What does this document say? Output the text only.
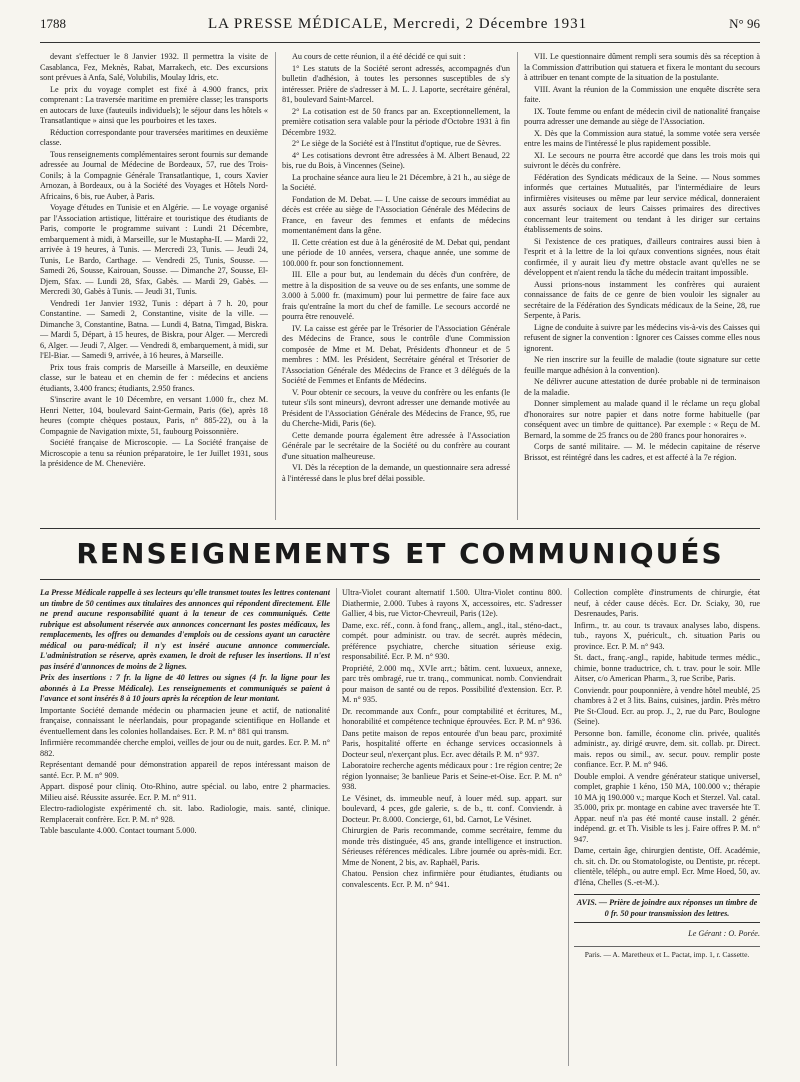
1788	LA PRESSE MÉDICALE, Mercredi, 2 Décembre 1931	N° 96

devant s'effectuer le 8 Janvier 1932. Il permettra la visite de Casablanca, Fez, Meknès, Rabat, Marrakech, etc. Des excursions sont prévues à Anfa, Salé, Volubilis, Moulay Idris, etc.

Le prix du voyage complet est fixé à 4.900 francs, prix comprenant : La traversée maritime en première classe; les transports en autocars de luxe (fauteuils individuels); le séjour dans les hôtels « Transatlantique » ainsi que les pourboires et les taxes.

Réduction correspondante pour traversées maritimes en deuxième classe.

Tous renseignements complémentaires seront fournis sur demande adressée au Journal de Médecine de Bordeaux, 57, rue des Trois-Conils; à la Compagnie Générale Transatlantique, 1, cours Xavier Arnozan, à Bordeaux, ou à la Société des Voyages et Hôtels Nord-Africains, 6 bis, rue Auber, à Paris.

Voyage d'études en Tunisie et en Algérie. — Le voyage organisé par l'Association artistique, littéraire et touristique des étudiants de Paris, comporte le programme suivant : Lundi 21 Décembre, embarquement à midi, à Marseille, sur le Mustapha-II. — Mardi 22, arrivée à 19 heures, à Tunis. — Mercredi 23, Tunis. — Jeudi 24, Tunis, Le Bardo, Carthage. — Vendredi 25, Tunis, Sousse. — Samedi 26, Sousse, Kairouan, Sousse. — Dimanche 27, Sousse, El-Djem, Sfax. — Lundi 28, Sfax, Gabès. — Mardi 29, Gabès. — Mercredi 30, Gabès à Tunis. — Jeudi 31, Tunis.

Vendredi 1er Janvier 1932, Tunis : départ à 7 h. 20, pour Constantine. — Samedi 2, Constantine, visite de la ville. — Dimanche 3, Constantine, Batna. — Lundi 4, Batna, Timgad, Biskra. — Mardi 5, Départ, à 15 heures, de Biskra, pour Alger. — Mercredi 6, Alger. — Jeudi 7, Alger. — Vendredi 8, embarquement, à midi, sur l'El-Biar. — Samedi 9, arrivée, à 16 heures, à Marseille.

Prix tous frais compris de Marseille à Marseille, en deuxième classe, sur le bateau et en chemin de fer : médecins et anciens étudiants, 3.400 francs; étudiants, 2.950 francs.

S'inscrire avant le 10 Décembre, en versant 1.000 fr., chez M. Henri Netter, 104, boulevard Saint-Germain, Paris (6e), après 18 heures (compte chèques postaux, Paris, n° 885-22), ou à la Compagnie de Navigation mixte, 51, faubourg Poissonnière.

Société française de Microscopie. — La Société française de Microscopie a tenu sa réunion préparatoire, le 1er Juillet 1931, sous la présidence de M. Chenevière.

Au cours de cette réunion, il a été décidé ce qui suit :

1° Les statuts de la Société seront adressés, accompagnés d'un bulletin d'adhésion, à toutes les personnes susceptibles de s'y intéresser. Prière de s'adresser à M. L. J. Laporte, secrétaire général, 81, boulevard Saint-Marcel.

2° La cotisation est de 50 francs par an. Exceptionnellement, la première cotisation sera valable pour la période d'Octobre 1931 à fin Décembre 1932.

2° Le siège de la Société est à l'Institut d'optique, rue de Sèvres.

4° Les cotisations devront être adressées à M. Albert Benaud, 22 bis, rue du Bois, à Vincennes (Seine).

La prochaine séance aura lieu le 21 Décembre, à 21 h., au siège de la Société.

Fondation de M. Debat. — I. Une caisse de secours immédiat au décès est créée au siège de l'Association Générale des Médecins de France, en faveur des femmes et enfants de médecins momentanément dans la gêne.

II. Cette création est due à la générosité de M. Debat qui, pendant une période de 10 années, versera, chaque année, une somme de 100.000 fr. pour son fonctionnement.

III. Elle a pour but, au lendemain du décès d'un confrère, de mettre à la disposition de sa veuve ou de ses enfants, une somme de 3.000 à 5.000 fr. (maximum) pour lui permettre de faire face aux frais qu'entraîne la mort du chef de famille. Le secours accordé ne pourra être renouvelé.

IV. La caisse est gérée par le Trésorier de l'Association Générale des Médecins de France, sous le contrôle d'une Commission composée de Mme et M. Debat, Présidents d'honneur et de 5 membres : MM. les Président, Secrétaire général et Trésorier de l'Association Générale des Médecins de France et 3 délégués de la Société de Femmes et Enfants de Médecins.

V. Pour obtenir ce secours, la veuve du confrère ou les enfants (le tuteur s'ils sont mineurs), devront adresser une demande motivée au Président de l'Association Générale des Médecins de France, 95, rue du Cherche-Midi, Paris (6e).

Cette demande pourra également être adressée à l'Association Générale par le secrétaire de la Société ou du confrère au courant d'une situation malheureuse.

VI. Dès la réception de la demande, un questionnaire sera adressé à l'intéressé dans le plus bref délai possible.

VII. Le questionnaire dûment rempli sera soumis dès sa réception à la Commission d'attribution qui statuera et fixera le montant du secours à attribuer en tenant compte de la situation de la postulante.

VIII. Avant la réunion de la Commission une enquête discrète sera faite.

IX. Toute femme ou enfant de médecin civil de nationalité française pourra adresser une demande au siège de l'Association.

X. Dès que la Commission aura statué, la somme votée sera versée entre les mains de l'intéressé le plus rapidement possible.

XI. Le secours ne pourra être accordé que dans les trois mois qui suivront le décès du confrère.

Fédération des Syndicats médicaux de la Seine. — Nous sommes informés que certaines Mutualités, par l'intermédiaire de leurs infirmières visiteuses ou même par leur service médical, donneraient aux assurés sociaux de leurs Caisses primaires des directives concernant leur traitement ou tendant à les diriger sur certains établissements de soins.

Si l'existence de ces pratiques, d'ailleurs contraires aussi bien à l'esprit et à la lettre de la loi qu'aux conventions signées, nous était confirmée, il y aurait lieu d'y mettre obstacle avant qu'elles ne se développent et n'aient rendu la tâche du médecin traitant impossible.

Aussi prions-nous instamment les confrères qui auraient connaissance de faits de ce genre de bien vouloir les signaler au secrétaire de la Fédération des Syndicats médicaux de la Seine, 28, rue Serpente, à Paris.

Ligne de conduite à suivre par les médecins vis-à-vis des Caisses qui refusent de signer la convention : Ignorer ces Caisses comme elles nous ignorent.

Ne rien inscrire sur la feuille de maladie (toute signature sur cette feuille marque adhésion à la convention).

Ne délivrer aucune attestation de durée probable ni de terminaison de la maladie.

Donner simplement au malade quand il le réclame un reçu global d'honoraires sur notre papier et dans notre forme habituelle (par conséquent avec un timbre de quittance). Par exemple : « Reçu de M. Bernard, la somme de 25 francs ou de 280 francs pour honoraires ».

Corps de santé militaire. — M. le médecin capitaine de réserve Brissot, est réintégré dans les cadres, et est affecté à la 7e région.

RENSEIGNEMENTS ET COMMUNIQUÉS

La Presse Médicale rappelle à ses lecteurs qu'elle transmet toutes les lettres contenant un timbre de 50 centimes aux titulaires des annonces qui répondent directement. Elle ne prend aucune responsabilité quant à la teneur de ces communiqués. Cette rubrique est absolument réservée aux annonces concernant les postes médicaux, les remplacements, les offres ou demandes d'emplois ou de cessions ayant un caractère médical ou para-médical; il n'y est inséré aucune annonce commerciale. L'administration se réserve, après examen, le droit de refuser les insertions. Il n'est pas inséré d'annonces de moins de 2 lignes.

Prix des insertions : 7 fr. la ligne de 40 lettres ou signes (4 fr. la ligne pour les abonnés à La Presse Médicale). Les renseignements et communiqués se paient à l'avance et sont insérés 8 à 10 jours après la réception de leur montant.

Importante Société demande médecin ou pharmacien jeune et actif, de nationalité française, connaissant le néerlandais, pour propagande scientifique en Hollande et éventuellement dans les colonies hollandaises. Ecr. P. M. n° 881 qui transm.

Infirmière recommandée cherche emploi, veilles de jour ou de nuit, gardes. Ecr. P. M. n° 882.

Représentant demandé pour démonstration appareil de repos intéressant maison de santé. Ecr. P. M. n° 909.

Appart. disposé pour cliniq. Oto-Rhino, autre spécial. ou labo, entre 2 pharmacies. Milieu aisé. Réussite assurée. Ecr. P. M. n° 911.

Electro-radiologiste expérimenté ch. sit. labo. Radiologie, mais. santé, clinique. Remplacerait confrère. Ecr. P. M. n° 928.

Table basculante 4.000. Contact tournant 5.000.

Ultra-Violet courant alternatif 1.500. Ultra-Violet continu 800. Diathermie, 2.000. Tubes à rayons X, accessoires, etc. S'adresser Gallier, 4 bis, rue Victor-Chevreuil, Paris (12e).

Dame, exc. réf., conn. à fond franç., allem., angl., ital., sténo-dact., compét. pour administr. ou trav. de secrét. auprès médecin, préférence psychiatre, cherche situation sérieuse exig. responsabilité. Ecr. P. M. n° 930.

Propriété, 2.000 mq., XVIe arrt.; bâtim. cent. luxueux, annexe, parc très ombragé, rue tr. tranq., communicat. nomb. Conviendrait pour maison de santé ou de repos. Possibilité d'extension. Ecr. P. M. n° 935.

Dr. recommande aux Confr., pour comptabilité et écritures, M., honorabilité et compétence technique éprouvées. Ecr. P. M. n° 936.

Dans petite maison de repos entourée d'un beau parc, proximité Paris, hospitalité offerte en échange services occasionnels à Docteur seul, n'exerçant plus. Ecr. avec détails P. M. n° 937.

Laboratoire recherche agents médicaux pour : 1re région centre; 2e région lyonnaise; 3e banlieue Paris et Seine-et-Oise. Ecr. P. M. n° 938.

Le Vésinet, ds. immeuble neuf, à louer méd. sup. appart. sur boulevard, 4 pces, gde galerie, s. de b., tt. conf. Conviendr. à Docteur. Pr. 8.000. Concierge, 61, bd. Carnot, Le Vésinet.

Chirurgien de Paris recommande, comme secrétaire, femme du monde très distinguée, 45 ans, grande intelligence et instruction. Sérieuses références médicales. Libre journée ou après-midi. Ecr. Mme de Nonent, 2 bis, av. Raphaël, Paris.

Chatou. Pension chez infirmière pour étudiantes, étudiants ou convalescents. Ecr. P. M. n° 941.

Collection complète d'instruments de chirurgie, état neuf, à céder cause décès. Ecr. Dr. Sciaky, 30, rue Desrenaudes, Paris.

Infirm., tr. au cour. ts travaux analyses labo, dispens. tub., rayons X, puéricult., ch. situation Paris ou province. Ecr. P. M. n° 943.

St. dact., franç.-angl., rapide, habitude termes médic., chimie, bonne traductrice, ch. t. trav. pour le soir. Mlle Aitser, c/o American Pharm., 3, rue Scribe, Paris.

Conviendr. pour pouponnière, à vendre hôtel meublé, 25 chambres à 2 et 3 lits. Bains, cuisines, jardin. Près métro Pte St-Cloud. Ecr. au prop. J., 2, rue du Parc, Boulogne (Seine).

Personne bon. famille, économe clin. privée, qualités administr., ay. dirigé œuvre, dem. sit. collab. pr. Direct. mais. repos ou simil., av. secur. pouv. remplir poste confiance. Ecr. P. M. n° 946.

Double emploi. A vendre générateur statique universel, complet, graphie 1 kéno, 150 MA, 100.000 v.; thérapie 10 MA jq 190.000 v.; marque Koch et Sterzel. Val. catal. 35.000, prix pr. montage en cabine avec traversée hte T. Appar. neuf n'a pas été monté cause install. 2 génér. indépend. gr. et Th. Visible ts les j. Faire offres P. M. n° 947.

Dame, certain âge, chirurgien dentiste, Off. Académie, ch. sit. ch. Dr. ou Stomatologiste, ou Dentiste, pr. récept. clientèle, téléph., ou autre empl. Ecr. Mme Hoed, 50, av. d'Iéna, Chelles (S.-et-M.).

AVIS. — Prière de joindre aux réponses un timbre de 0 fr. 50 pour transmission des lettres.
Le Gérant : O. Porée.
Paris. — A. Maretheux et L. Pactat, imp. 1, r. Cassette.
